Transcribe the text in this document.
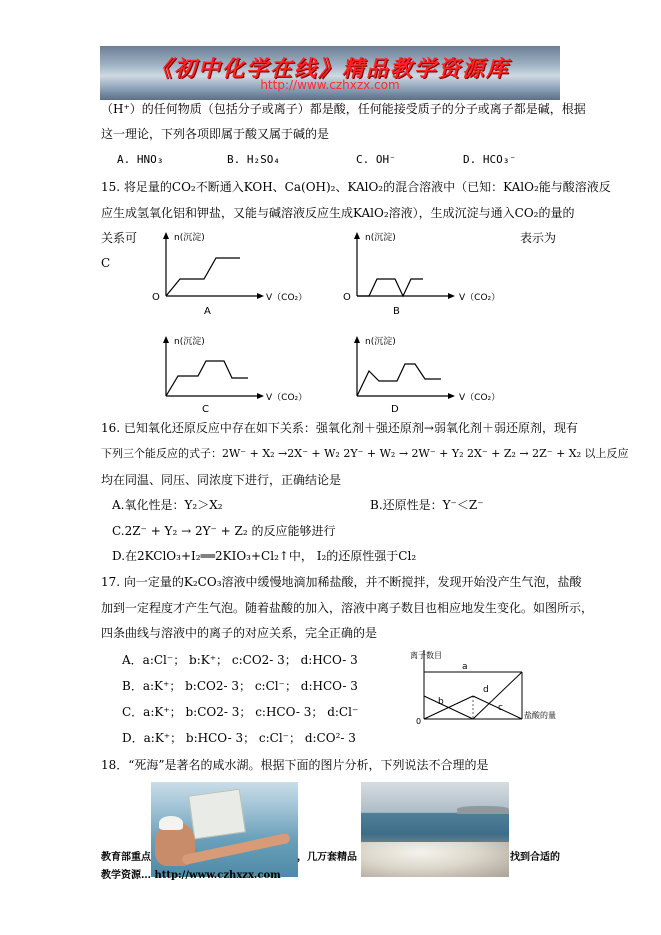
《初中化学在线》精品教学资源库
http://www.czhxzx.com
（H⁺）的任何物质（包括分子或离子）都是酸，任何能接受质子的分子或离子都是碱，根据
这一理论，下列各项即属于酸又属于碱的是
A. HNO₃	B. H₂SO₄	C. OH⁻	D. HCO₃⁻
15. 将足量的CO₂不断通入KOH、Ca(OH)₂、KAlO₂的混合溶液中（已知：KAlO₂能与酸溶液反
应生成氢氧化铝和钾盐，又能与碱溶液反应生成KAlO₂溶液），生成沉淀与通入CO₂的量的
关系可	表示为
C
n(沉淀)
O	V（CO₂）
A
n(沉淀)
O	V（CO₂）
B
n(沉淀)
V（CO₂）
C
n(沉淀)
V（CO₂）
D
16. 已知氧化还原反应中存在如下关系：强氧化剂＋强还原剂→弱氧化剂＋弱还原剂，现有
下列三个能反应的式子：2W⁻ + X₂ →2X⁻ + W₂ 2Y⁻ + W₂ → 2W⁻ + Y₂ 2X⁻ + Z₂ → 2Z⁻ + X₂ 以上反应
均在同温、同压、同浓度下进行，正确结论是
A.氧化性是：Y₂＞X₂	B.还原性是：Y⁻＜Z⁻
C.2Z⁻ + Y₂ → 2Y⁻ + Z₂ 的反应能够进行
D.在2KClO₃+I₂══2KIO₃+Cl₂↑中， I₂的还原性强于Cl₂
17. 向一定量的K₂CO₃溶液中缓慢地滴加稀盐酸，并不断搅拌，发现开始没产生气泡，盐酸
加到一定程度才产生气泡。随着盐酸的加入，溶液中离子数目也相应地发生变化。如图所示，
四条曲线与溶液中的离子的对应关系，完全正确的是
A．a:Cl⁻； b:K⁺； c:CO2- 3； d:HCO- 3
B．a:K⁺； b:CO2- 3； c:Cl⁻； d:HCO- 3
C．a:K⁺； b:CO2- 3； c:HCO- 3； d:Cl⁻
D．a:K⁺； b:HCO- 3； c:Cl⁻； d:CO²- 3
离子数目
0
盐酸的量
a
b
c
d
18．“死海”是著名的咸水湖。根据下面的图片分析，下列说法不合理的是
教育部重点	，几万套精品	找到合适的
教学资源… http://www.czhxzx.com
